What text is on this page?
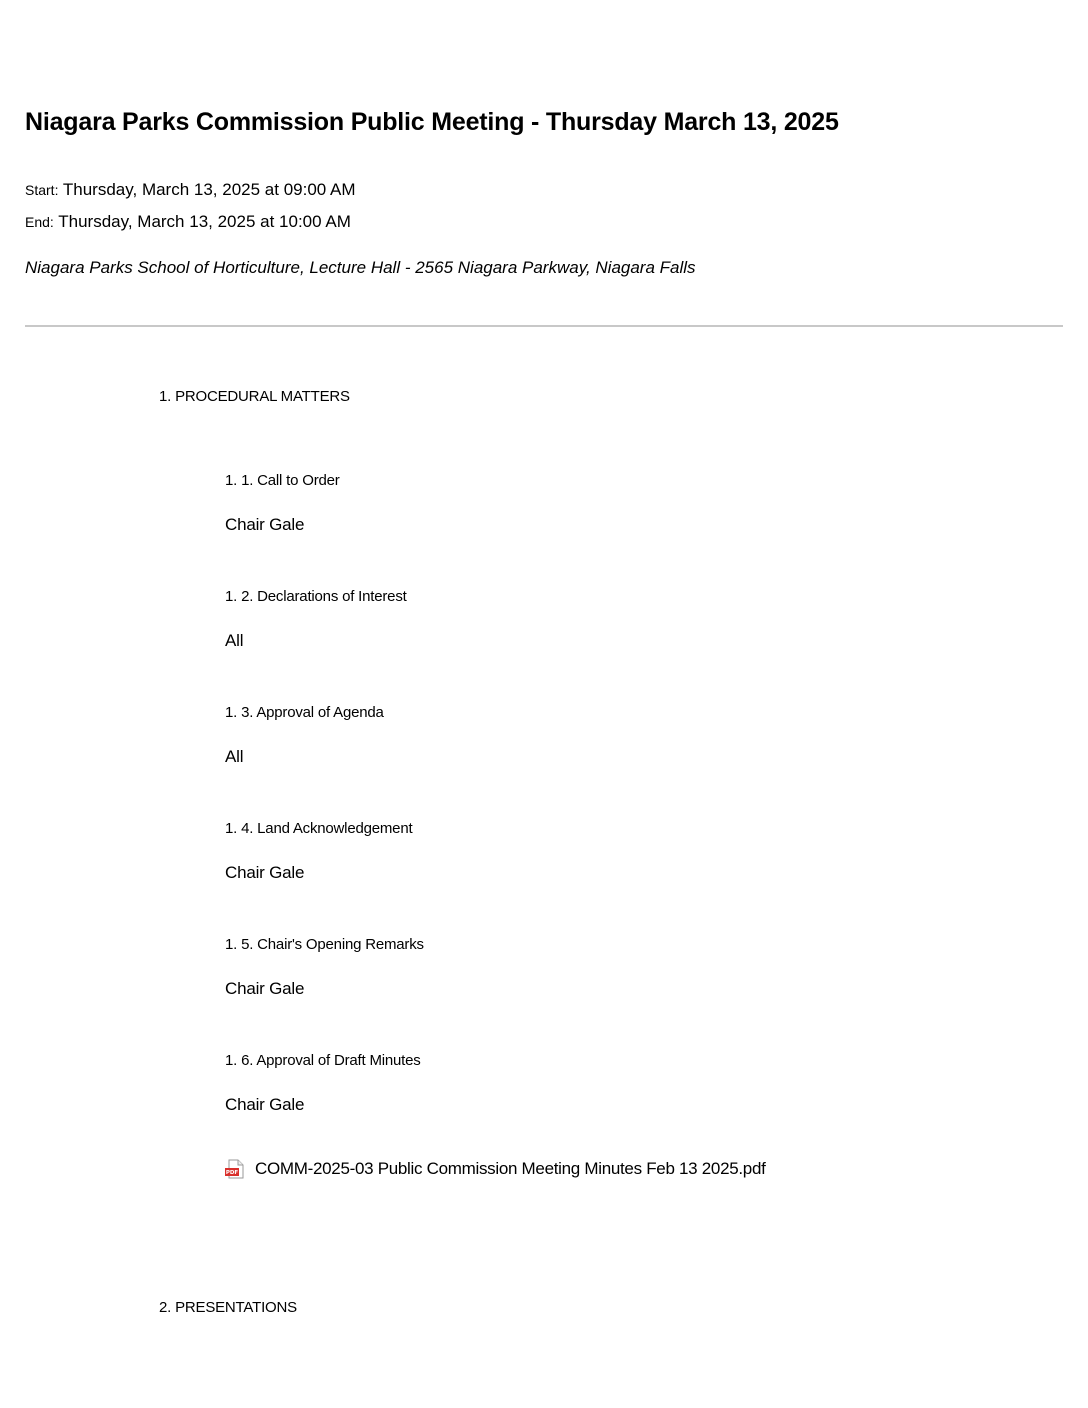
Niagara Parks Commission Public Meeting - Thursday March 13, 2025
Start: Thursday, March 13, 2025 at 09:00 AM
End: Thursday, March 13, 2025 at 10:00 AM
Niagara Parks School of Horticulture, Lecture Hall - 2565 Niagara Parkway, Niagara Falls
1. PROCEDURAL MATTERS
1. 1. Call to Order
Chair Gale
1. 2. Declarations of Interest
All
1. 3. Approval of Agenda
All
1. 4. Land Acknowledgement
Chair Gale
1. 5. Chair's Opening Remarks
Chair Gale
1. 6. Approval of Draft Minutes
Chair Gale
PDF COMM-2025-03 Public Commission Meeting Minutes Feb 13 2025.pdf
2. PRESENTATIONS
